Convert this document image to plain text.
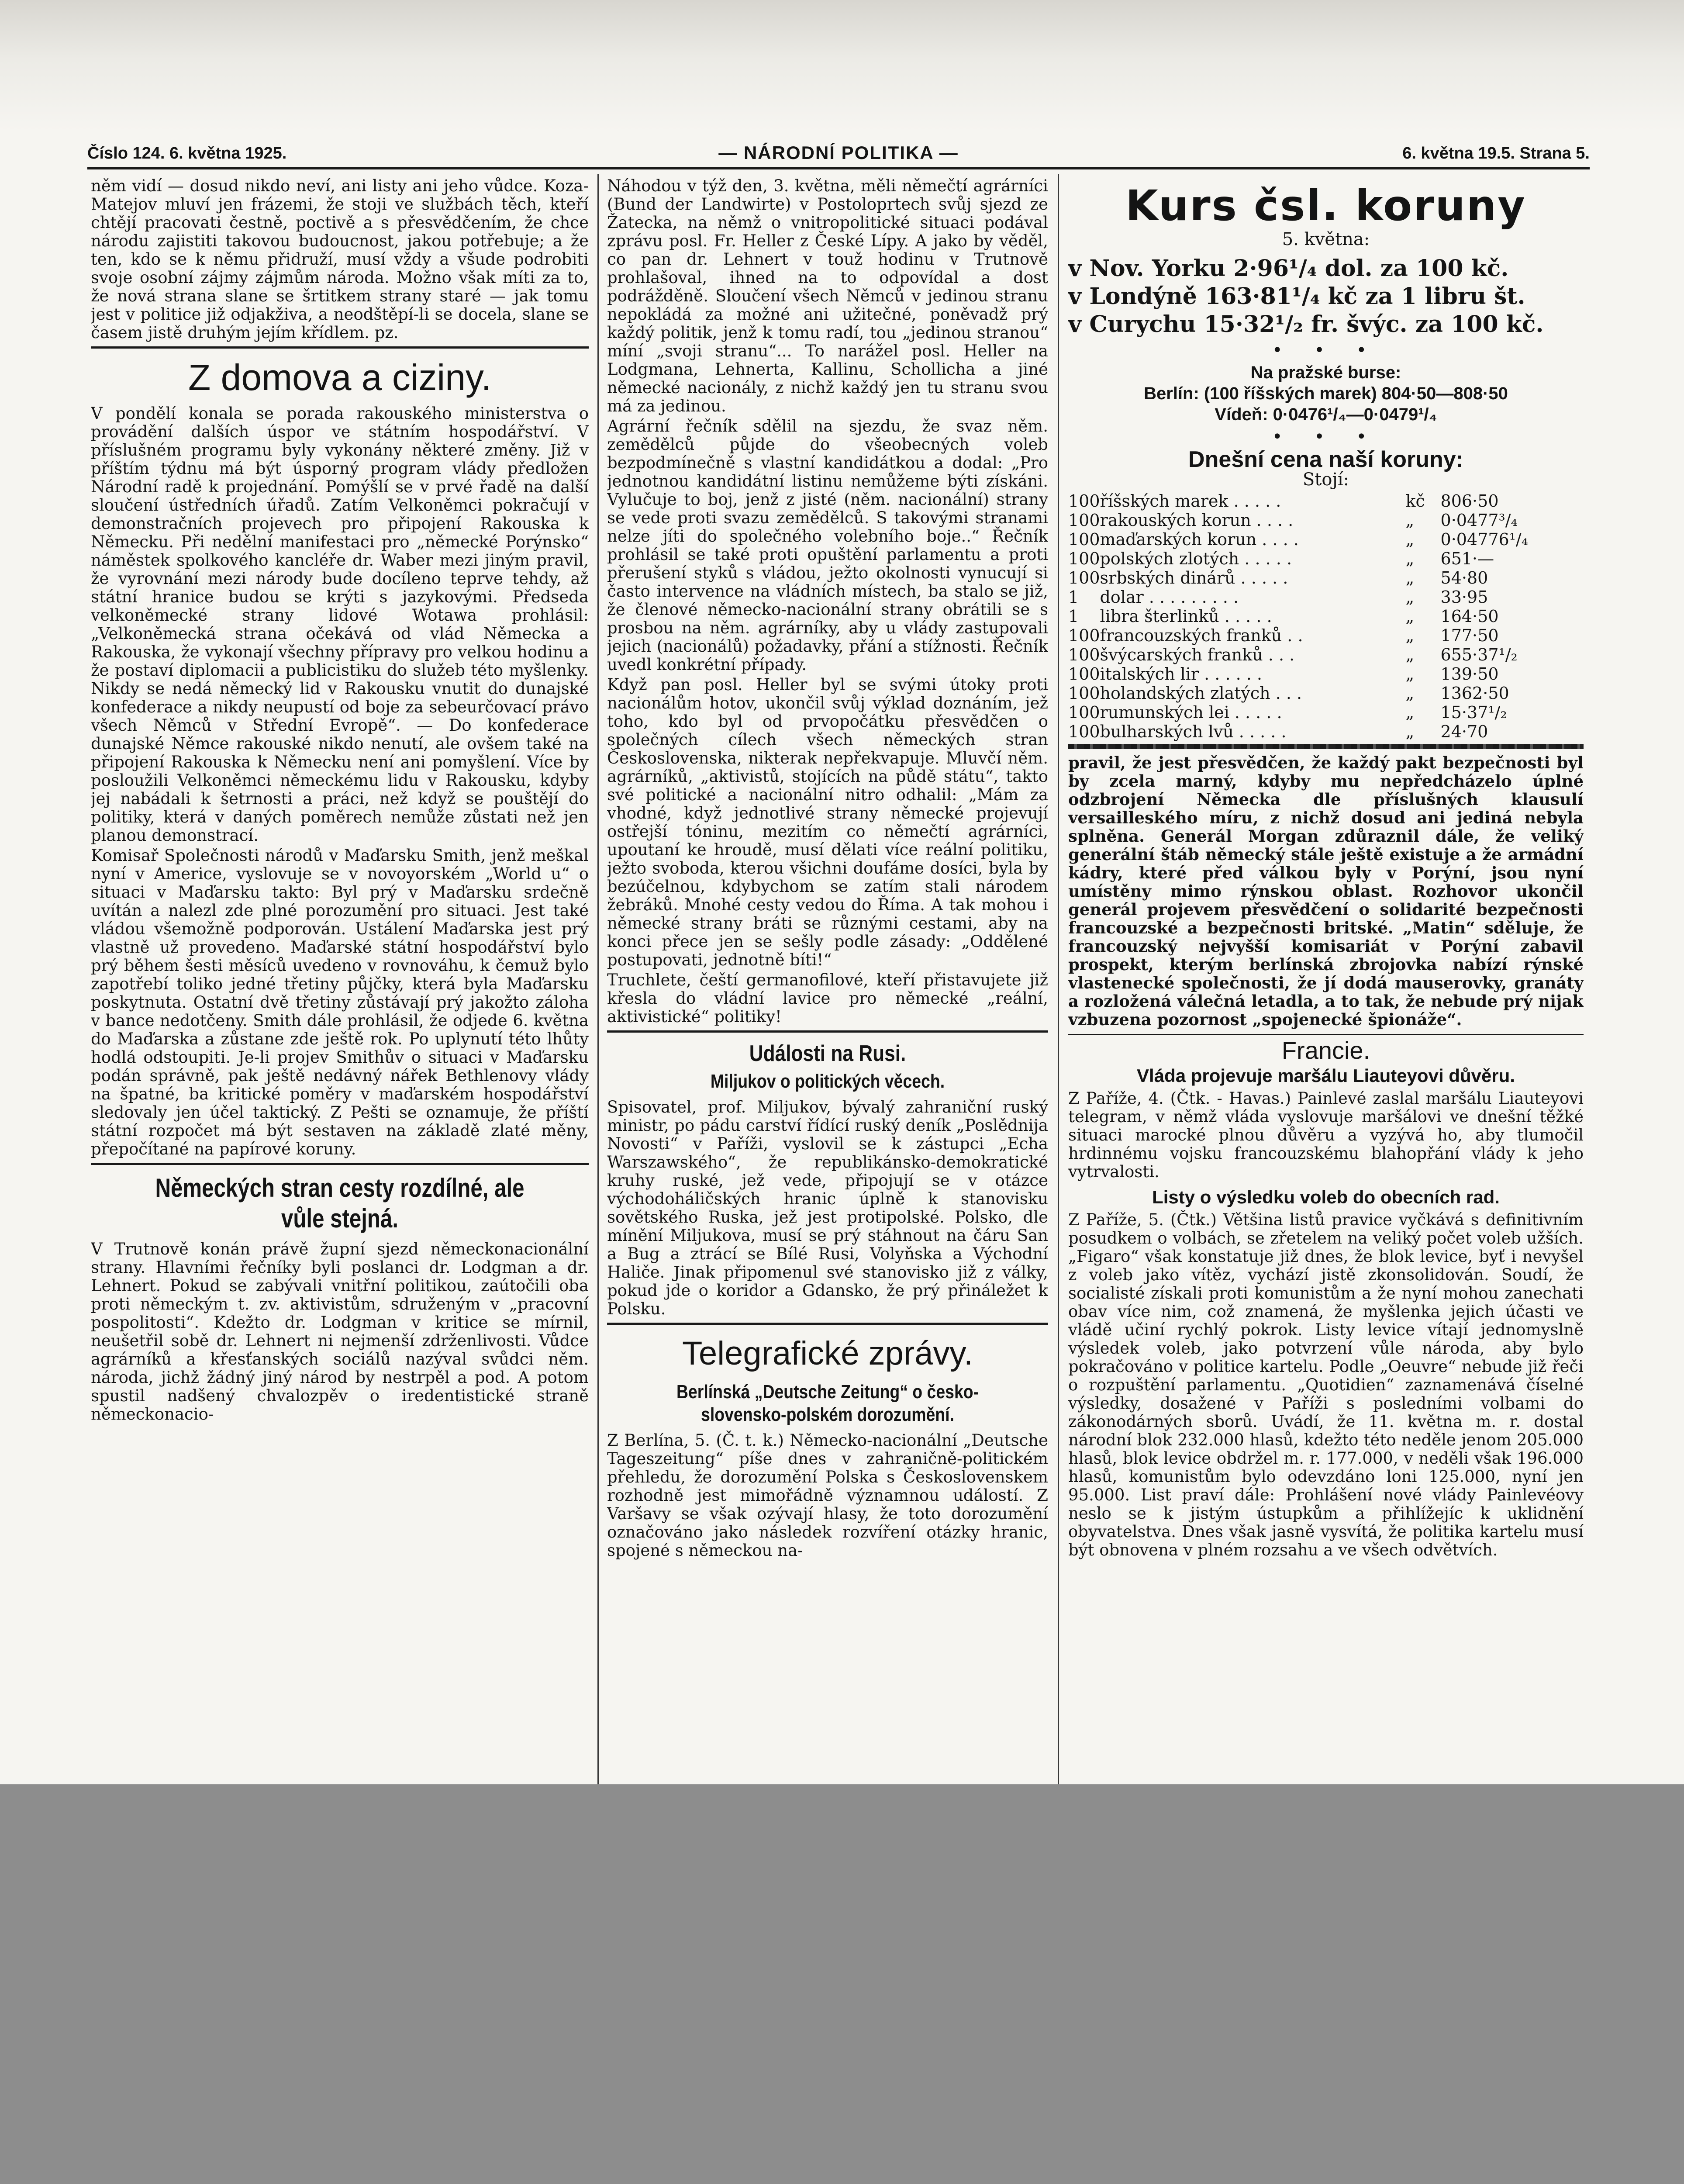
Číslo 124. 6. května 1925.	— NÁRODNÍ POLITIKA —	6. května 19.5. Strana 5.

něm vidí — dosud nikdo neví, ani listy ani jeho vůdce. Koza-Matejov mluví jen frázemi, že stoji ve službách těch, kteří chtějí pracovati čestně, poctivě a s přesvědčením, že chce národu zajistiti takovou budoucnost, jakou potřebuje; a že ten, kdo se k němu přidruží, musí vždy a všude podrobiti svoje osobní zájmy zájmům národa. Možno však míti za to, že nová strana slane se šrtitkem strany staré — jak tomu jest v politice již odjakživa, a neodštěpí-li se docela, slane se časem jistě druhým jejím křídlem. pz.

Z domova a ciziny.

V pondělí konala se porada rakouského ministerstva o provádění dalších úspor ve státním hospodářství. V příslušném programu byly vykonány některé změny. Již v příštím týdnu má být úsporný program vlády předložen Národní radě k projednání. Pomýšlí se v prvé řadě na další sloučení ústředních úřadů. Zatím Velkoněmci pokračují v demonstračních projevech pro připojení Rakouska k Německu. Při nedělní manifestaci pro „německé Porýnsko“ náměstek spolkového kancléře dr. Waber mezi jiným pravil, že vyrovnání mezi národy bude docíleno teprve tehdy, až státní hranice budou se krýti s jazykovými. Předseda velkoněmecké strany lidové Wotawa prohlásil: „Velkoněmecká strana očekává od vlád Německa a Rakouska, že vykonají všechny přípravy pro velkou hodinu a že postaví diplomacii a publicistiku do služeb této myšlenky. Nikdy se nedá německý lid v Rakousku vnutit do dunajské konfederace a nikdy neupustí od boje za sebeurčovací právo všech Němců v Střední Evropě“. — Do konfederace dunajské Němce rakouské nikdo nenutí, ale ovšem také na připojení Rakouska k Německu není ani pomyšlení. Více by posloužili Velkoněmci německému lidu v Rakousku, kdyby jej nabádali k šetrnosti a práci, než když se pouštějí do politiky, která v daných poměrech nemůže zůstati než jen planou demonstrací.

Komisař Společnosti národů v Maďarsku Smith, jenž meškal nyní v Americe, vyslovuje se v novoyorském „World u“ o situaci v Maďarsku takto: Byl prý v Maďarsku srdečně uvítán a nalezl zde plné porozumění pro situaci. Jest také vládou všemožně podporován. Ustálení Maďarska jest prý vlastně už provedeno. Maďarské státní hospodářství bylo prý během šesti měsíců uvedeno v rovnováhu, k čemuž bylo zapotřebí toliko jedné třetiny půjčky, která byla Maďarsku poskytnuta. Ostatní dvě třetiny zůstávají prý jakožto záloha v bance nedotčeny. Smith dále prohlásil, že odjede 6. května do Maďarska a zůstane zde ještě rok. Po uplynutí této lhůty hodlá odstoupiti. Je-li projev Smithův o situaci v Maďarsku podán správně, pak ještě nedávný nářek Bethlenovy vlády na špatné, ba kritické poměry v maďarském hospodářství sledovaly jen účel taktický. Z Pešti se oznamuje, že příští státní rozpočet má být sestaven na základě zlaté měny, přepočítané na papírové koruny.

Německých stran cesty rozdílné, ale vůle stejná.

V Trutnově konán právě župní sjezd německonacionální strany. Hlavními řečníky byli poslanci dr. Lodgman a dr. Lehnert. Pokud se zabývali vnitřní politikou, zaútočili oba proti německým t. zv. aktivistům, sdruženým v „pracovní pospolitosti“. Kdežto dr. Lodgman v kritice se mírnil, neušetřil sobě dr. Lehnert ni nejmenší zdrženlivosti. Vůdce agrárníků a křesťanských sociálů nazýval svůdci něm. národa, jichž žádný jiný národ by nestrpěl a pod. A potom spustil nadšený chvalozpěv o iredentistické straně německonacio-

Náhodou v týž den, 3. května, měli němečtí agrárníci (Bund der Landwirte) v Postoloprtech svůj sjezd ze Žatecka, na němž o vnitropolitické situaci podával zprávu posl. Fr. Heller z České Lípy. A jako by věděl, co pan dr. Lehnert v touž hodinu v Trutnově prohlašoval, ihned na to odpovídal a dost podrážděně. Sloučení všech Němců v jedinou stranu nepokládá za možné ani užitečné, poněvadž prý každý politik, jenž k tomu radí, tou „jedinou stranou“ míní „svoji stranu“... To narážel posl. Heller na Lodgmana, Lehnerta, Kallinu, Schollicha a jiné německé nacionály, z nichž každý jen tu stranu svou má za jedinou.

Agrární řečník sdělil na sjezdu, že svaz něm. zemědělců půjde do všeobecných voleb bezpodmínečně s vlastní kandidátkou a dodal: „Pro jednotnou kandidátní listinu nemůžeme býti získáni. Vylučuje to boj, jenž z jisté (něm. nacionální) strany se vede proti svazu zemědělců. S takovými stranami nelze jíti do společného volebního boje..“ Řečník prohlásil se také proti opuštění parlamentu a proti přerušení styků s vládou, ježto okolnosti vynucují si často intervence na vládních místech, ba stalo se již, že členové německo-nacionální strany obrátili se s prosbou na něm. agrárníky, aby u vlády zastupovali jejich (nacionálů) požadavky, přání a stížnosti. Řečník uvedl konkrétní případy.

Když pan posl. Heller byl se svými útoky proti nacionálům hotov, ukončil svůj výklad doznáním, jež toho, kdo byl od prvopočátku přesvědčen o společných cílech všech německých stran Československa, nikterak nepřekvapuje. Mluvčí něm. agrárníků, „aktivistů, stojících na půdě státu“, takto své politické a nacionální nitro odhalil: „Mám za vhodné, když jednotlivé strany německé projevují ostřejší tóninu, mezitím co němečtí agrárníci, upoutaní ke hroudě, musí dělati více reální politiku, ježto svoboda, kterou všichni doufáme dosíci, byla by bezúčelnou, kdybychom se zatím stali národem žebráků. Mnohé cesty vedou do Říma. A tak mohou i německé strany bráti se různými cestami, aby na konci přece jen se sešly podle zásady: „Oddělené postupovati, jednotně bíti!“

Truchlete, čeští germanofilové, kteří přistavujete již křesla do vládní lavice pro německé „reální, aktivistické“ politiky!

Události na Rusi.
Miljukov o politických věcech.

Spisovatel, prof. Miljukov, bývalý zahraniční ruský ministr, po pádu carství řídící ruský deník „Poslědnija Novosti“ v Paříži, vyslovil se k zástupci „Echa Warszawského“, že republikánsko-demokratické kruhy ruské, jež vede, připojují se v otázce východoháličských hranic úplně k stanovisku sovětského Ruska, jež jest protipolské. Polsko, dle mínění Miljukova, musí se prý stáhnout na čáru San a Bug a ztrácí se Bílé Rusi, Volyňska a Východní Haliče. Jinak připomenul své stanovisko již z války, pokud jde o koridor a Gdansko, že prý přináležet k Polsku.

Telegrafické zprávy.
Berlínská „Deutsche Zeitung“ o česko-slovensko-polském dorozumění.

Z Berlína, 5. (Č. t. k.) Německo-nacionální „Deutsche Tageszeitung“ píše dnes v zahraničně-politickém přehledu, že dorozumění Polska s Československem rozhodně jest mimořádně významnou událostí. Z Varšavy se však ozývají hlasy, že toto dorozumění označováno jako následek rozvíření otázky hranic, spojené s německou na-

Kurs čsl. koruny
5. května:
v Nov. Yorku 2·96¹/₄ dol. za 100 kč.
v Londýně 163·81¹/₄ kč za 1 libru št.
v Curychu 15·32¹/₂ fr. švýc. za 100 kč.
• • •
Na pražské burse:
Berlín: (100 říšských marek) 804·50—808·50
Vídeň: 0·0476¹/₄—0·0479¹/₄
• • •
Dnešní cena naší koruny:
Stojí:
100	říšských marek . . . . .	kč	806·50
100	rakouských korun . . . .	„	0·0477³/₄
100	maďarských korun . . . .	„	0·04776¹/₄
100	polských zlotých . . . . .	„	651·—
100	srbských dinárů . . . . .	„	54·80
1	dolar . . . . . . . . .	„	33·95
1	libra šterlinků . . . . .	„	164·50
100	francouzských franků . .	„	177·50
100	švýcarských franků . . .	„	655·37¹/₂
100	italských lir . . . . . .	„	139·50
100	holandských zlatých . . .	„	1362·50
100	rumunských lei . . . . .	„	15·37¹/₂
100	bulharských lvů . . . . .	„	24·70

pravil, že jest přesvědčen, že každý pakt bezpečnosti byl by zcela marný, kdyby mu nepředcházelo úplné odzbrojení Německa dle příslušných klausulí versailleského míru, z nichž dosud ani jediná nebyla splněna. Generál Morgan zdůraznil dále, že veliký generální štáb německý stále ještě existuje a že armádní kádry, které před válkou byly v Porýní, jsou nyní umístěny mimo rýnskou oblast. Rozhovor ukončil generál projevem přesvědčení o solidarité bezpečnosti francouzské a bezpečnosti britské. „Matin“ sděluje, že francouzský nejvyšší komisariát v Porýní zabavil prospekt, kterým berlínská zbrojovka nabízí rýnské vlastenecké společnosti, že jí dodá mauserovky, granáty a rozložená válečná letadla, a to tak, že nebude prý nijak vzbuzena pozornost „spojenecké špionáže“.

Francie.
Vláda projevuje maršálu Liauteyovi důvěru.

Z Paříže, 4. (Čtk. - Havas.) Painlevé zaslal maršálu Liauteyovi telegram, v němž vláda vyslovuje maršálovi ve dnešní těžké situaci marocké plnou důvěru a vyzývá ho, aby tlumočil hrdinnému vojsku francouzskému blahopřání vlády k jeho vytrvalosti.

Listy o výsledku voleb do obecních rad.

Z Paříže, 5. (Čtk.) Většina listů pravice vyčkává s definitivním posudkem o volbách, se zřetelem na veliký počet voleb užších. „Figaro“ však konstatuje již dnes, že blok levice, byť i nevyšel z voleb jako vítěz, vychází jistě zkonsolidován. Soudí, že socialisté získali proti komunistům a že nyní mohou zanechati obav více nim, což znamená, že myšlenka jejich účasti ve vládě učiní rychlý pokrok. Listy levice vítají jednomyslně výsledek voleb, jako potvrzení vůle národa, aby bylo pokračováno v politice kartelu. Podle „Oeuvre“ nebude již řeči o rozpuštění parlamentu. „Quotidien“ zaznamenává číselné výsledky, dosažené v Paříži s posledními volbami do zákonodárných sborů. Uvádí, že 11. května m. r. dostal národní blok 232.000 hlasů, kdežto této neděle jenom 205.000 hlasů, blok levice obdržel m. r. 177.000, v neděli však 196.000 hlasů, komunistům bylo odevzdáno loni 125.000, nyní jen 95.000. List praví dále: Prohlášení nové vlády Painlevéovy neslo se k jistým ústupkům a přihlížejíc k uklidnění obyvatelstva. Dnes však jasně vysvítá, že politika kartelu musí být obnovena v plném rozsahu a ve všech odvětvích.
